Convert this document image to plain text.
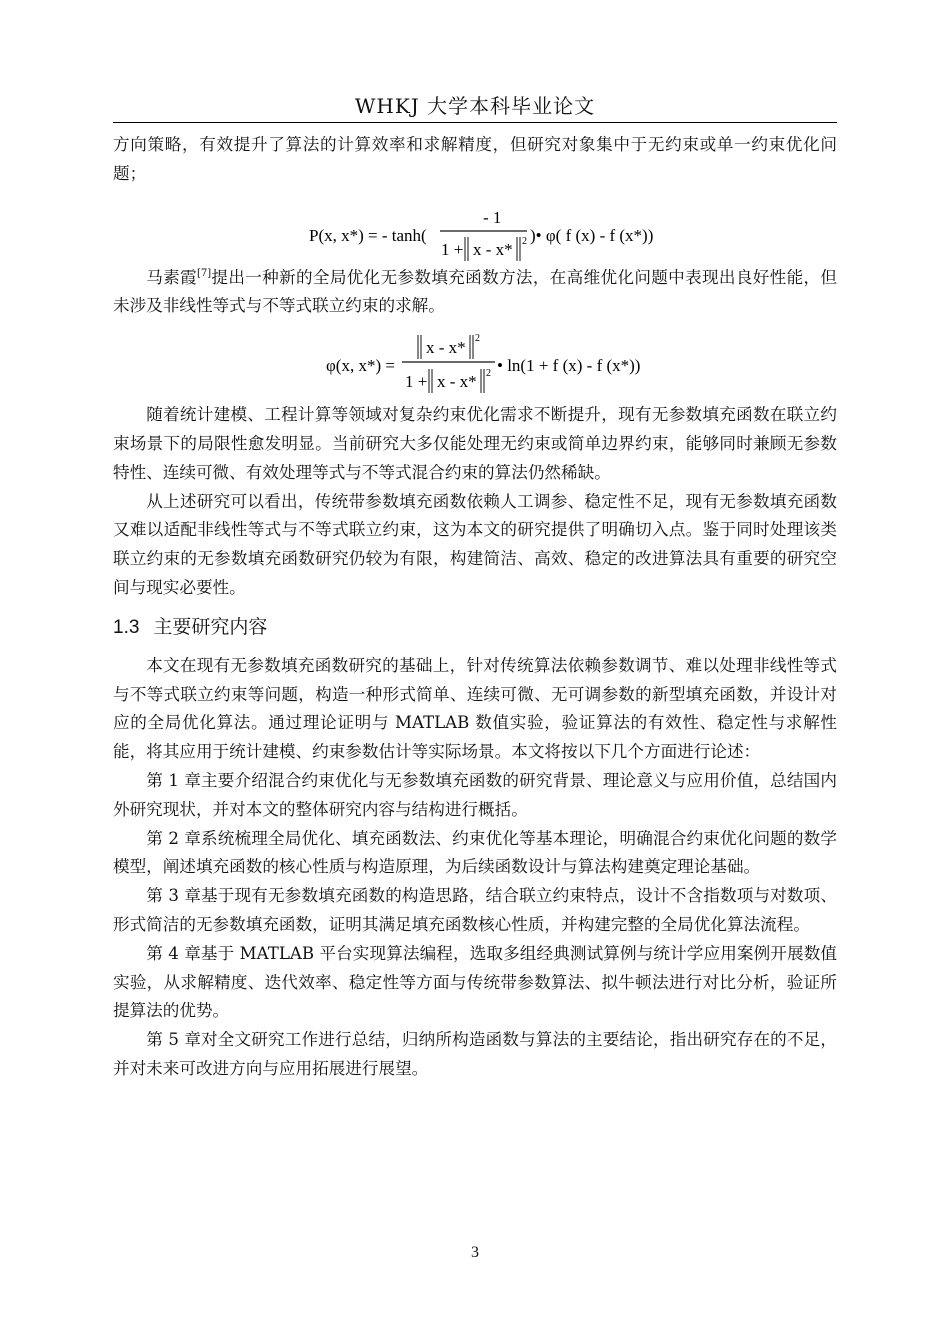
WHKJ 大学本科毕业论文

方向策略，有效提升了算法的计算效率和求解精度，但研究对象集中于无约束或单一约束优化问题；

P(x, x*) = - tanh(
- 1
1 + x - x* 2 )• φ( f (x) - f (x*))

马素霞[7]提出一种新的全局优化无参数填充函数方法，在高维优化问题中表现出良好性能，但未涉及非线性等式与不等式联立约束的求解。

φ(x, x*) =
x - x* 2
1 + x - x* 2 • ln(1 + f (x) - f (x*))

随着统计建模、工程计算等领域对复杂约束优化需求不断提升，现有无参数填充函数在联立约束场景下的局限性愈发明显。当前研究大多仅能处理无约束或简单边界约束，能够同时兼顾无参数特性、连续可微、有效处理等式与不等式混合约束的算法仍然稀缺。

从上述研究可以看出，传统带参数填充函数依赖人工调参、稳定性不足，现有无参数填充函数又难以适配非线性等式与不等式联立约束，这为本文的研究提供了明确切入点。鉴于同时处理该类联立约束的无参数填充函数研究仍较为有限，构建简洁、高效、稳定的改进算法具有重要的研究空间与现实必要性。

1.3 主要研究内容

本文在现有无参数填充函数研究的基础上，针对传统算法依赖参数调节、难以处理非线性等式与不等式联立约束等问题，构造一种形式简单、连续可微、无可调参数的新型填充函数，并设计对应的全局优化算法。通过理论证明与 MATLAB 数值实验，验证算法的有效性、稳定性与求解性能，将其应用于统计建模、约束参数估计等实际场景。本文将按以下几个方面进行论述：

第 1 章主要介绍混合约束优化与无参数填充函数的研究背景、理论意义与应用价值，总结国内外研究现状，并对本文的整体研究内容与结构进行概括。

第 2 章系统梳理全局优化、填充函数法、约束优化等基本理论，明确混合约束优化问题的数学模型，阐述填充函数的核心性质与构造原理，为后续函数设计与算法构建奠定理论基础。

第 3 章基于现有无参数填充函数的构造思路，结合联立约束特点，设计不含指数项与对数项、形式简洁的无参数填充函数，证明其满足填充函数核心性质，并构建完整的全局优化算法流程。

第 4 章基于 MATLAB 平台实现算法编程，选取多组经典测试算例与统计学应用案例开展数值实验，从求解精度、迭代效率、稳定性等方面与传统带参数算法、拟牛顿法进行对比分析，验证所提算法的优势。

第 5 章对全文研究工作进行总结，归纳所构造函数与算法的主要结论，指出研究存在的不足，并对未来可改进方向与应用拓展进行展望。

3
